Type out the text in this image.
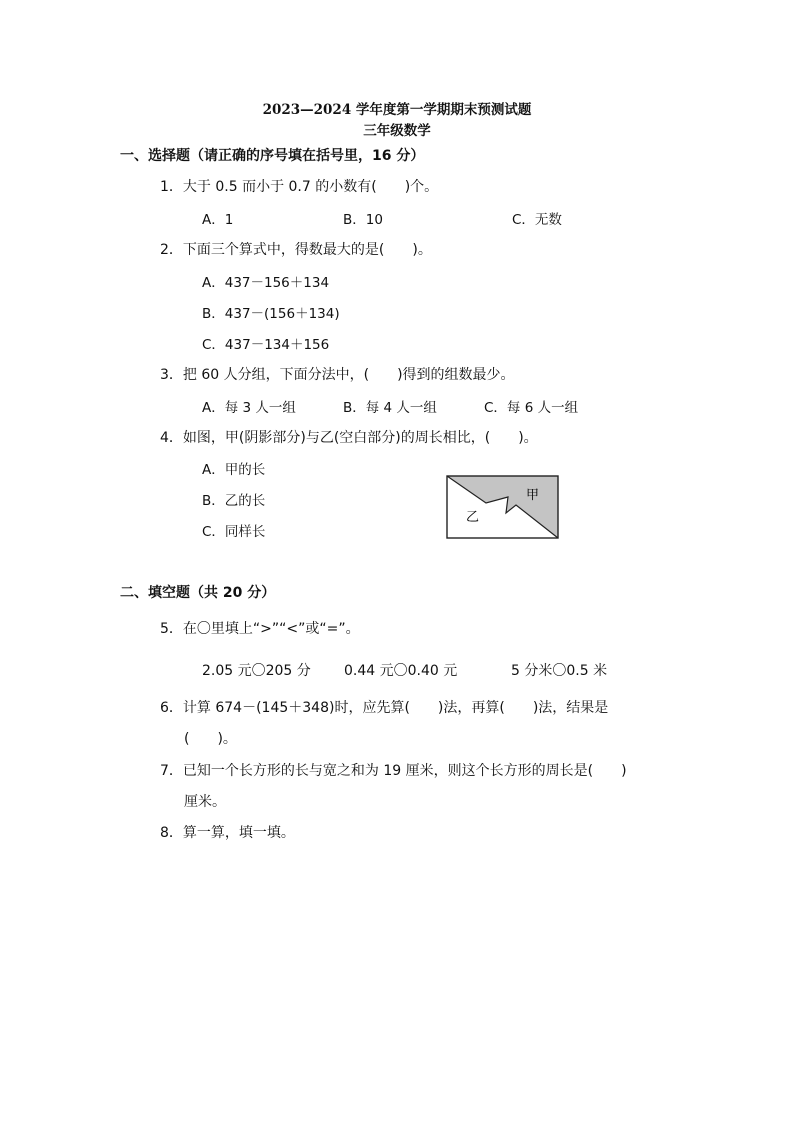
2023—2024 学年度第一学期期末预测试题
三年级数学
一、选择题（请正确的序号填在括号里，16 分）
1．大于 0.5 而小于 0.7 的小数有(　　)个。
A．1	B．10	C．无数
2．下面三个算式中，得数最大的是(　　)。
A．437－156＋134
B．437－(156＋134)
C．437－134＋156
3．把 60 人分组，下面分法中，(　　)得到的组数最少。
A．每 3 人一组	B．每 4 人一组	C．每 6 人一组
4．如图，甲(阴影部分)与乙(空白部分)的周长相比，(　　)。
A．甲的长
B．乙的长
C．同样长
甲
乙
二、填空题（共 20 分）
5．在〇里填上“>”“<”或“=”。
2.05 元〇205 分 0.44 元〇0.40 元	5 分米〇0.5 米
6．计算 674－(145＋348)时，应先算(　　)法，再算(　　)法，结果是
(　　)。
7．已知一个长方形的长与宽之和为 19 厘米，则这个长方形的周长是(　　)
厘米。
8．算一算，填一填。
